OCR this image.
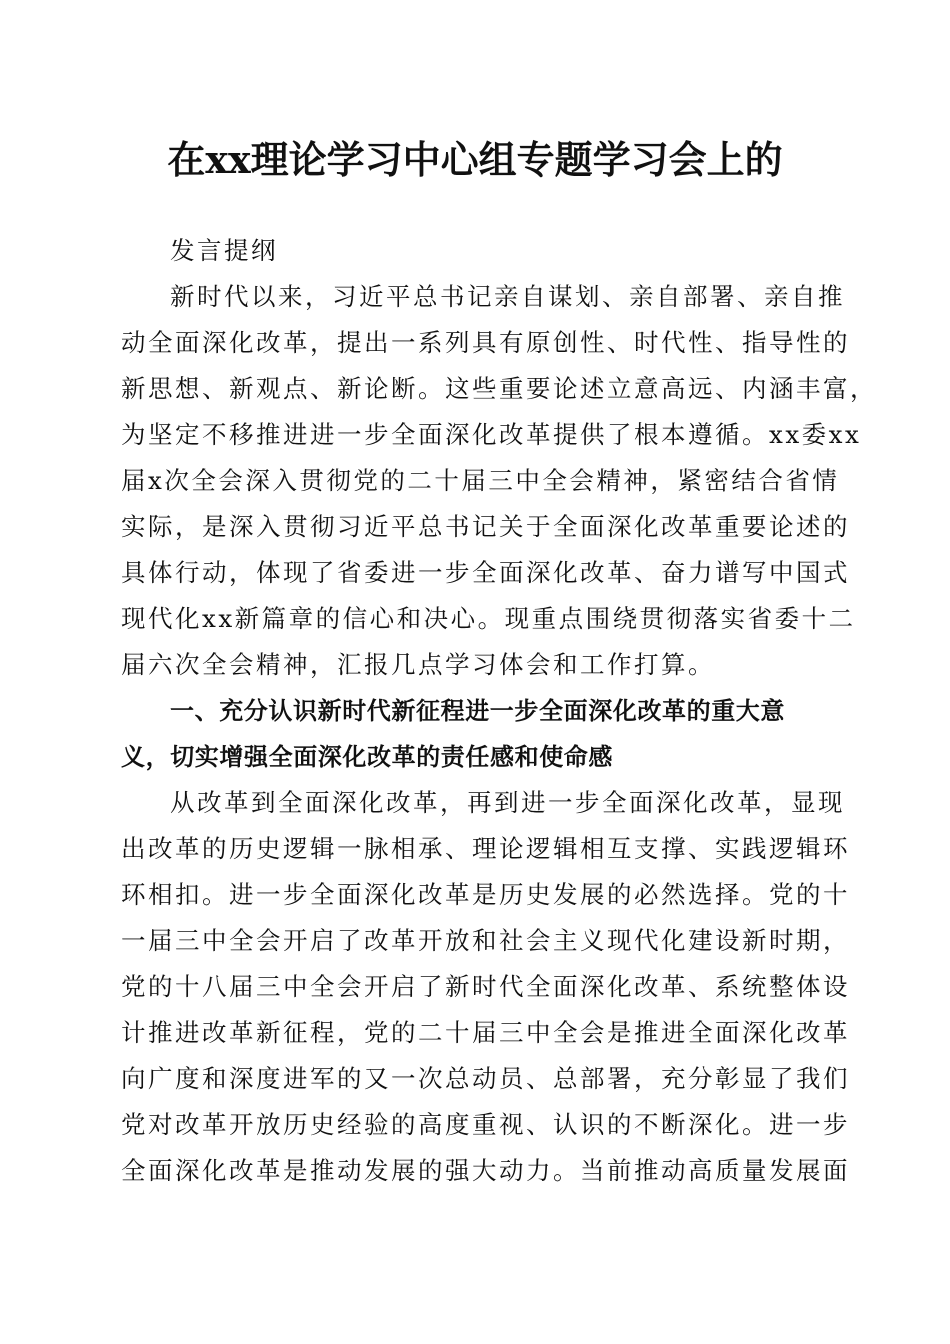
在xx理论学习中心组专题学习会上的
发言提纲
新时代以来，习近平总书记亲自谋划、亲自部署、亲自推
动全面深化改革，提出一系列具有原创性、时代性、指导性的
新思想、新观点、新论断。这些重要论述立意高远、内涵丰富，
为坚定不移推进进一步全面深化改革提供了根本遵循。xx委xx
届x次全会深入贯彻党的二十届三中全会精神，紧密结合省情
实际，是深入贯彻习近平总书记关于全面深化改革重要论述的
具体行动，体现了省委进一步全面深化改革、奋力谱写中国式
现代化xx新篇章的信心和决心。现重点围绕贯彻落实省委十二
届六次全会精神，汇报几点学习体会和工作打算。
一、充分认识新时代新征程进一步全面深化改革的重大意
义，切实增强全面深化改革的责任感和使命感
从改革到全面深化改革，再到进一步全面深化改革，显现
出改革的历史逻辑一脉相承、理论逻辑相互支撑、实践逻辑环
环相扣。进一步全面深化改革是历史发展的必然选择。党的十
一届三中全会开启了改革开放和社会主义现代化建设新时期，
党的十八届三中全会开启了新时代全面深化改革、系统整体设
计推进改革新征程，党的二十届三中全会是推进全面深化改革
向广度和深度进军的又一次总动员、总部署，充分彰显了我们
党对改革开放历史经验的高度重视、认识的不断深化。进一步
全面深化改革是推动发展的强大动力。当前推动高质量发展面
